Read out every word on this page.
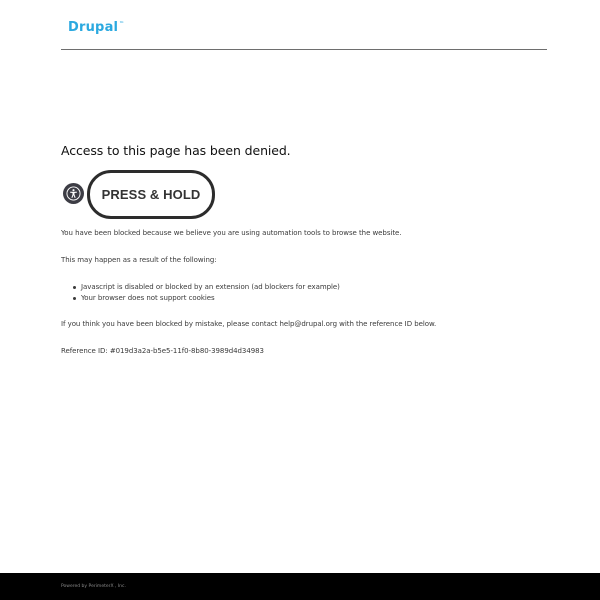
Drupal™
Access to this page has been denied.
PRESS & HOLD
You have been blocked because we believe you are using automation tools to browse the website.
This may happen as a result of the following:
Javascript is disabled or blocked by an extension (ad blockers for example)
Your browser does not support cookies
If you think you have been blocked by mistake, please contact help@drupal.org with the reference ID below.
Reference ID: #019d3a2a-b5e5-11f0-8b80-3989d4d34983
Powered by PerimeterX , Inc.
